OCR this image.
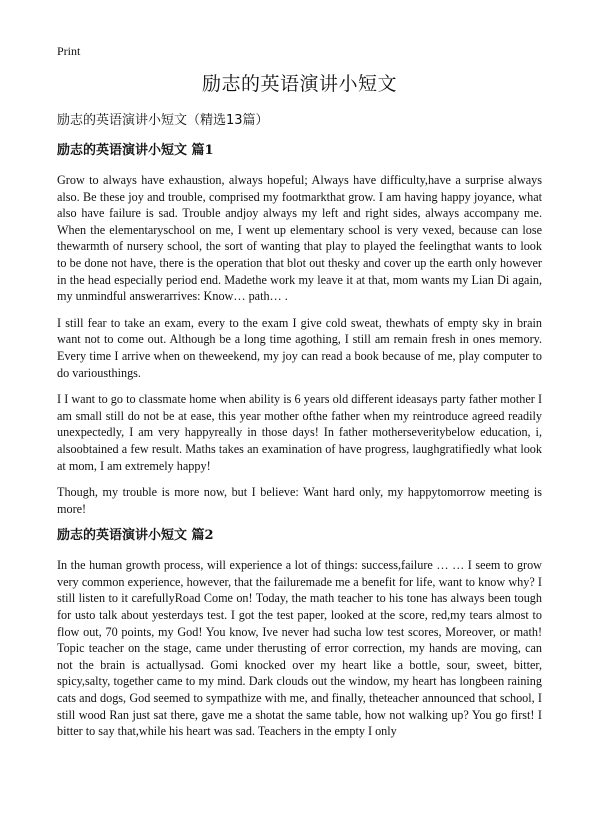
Print
励志的英语演讲小短文
励志的英语演讲小短文（精选13篇）
励志的英语演讲小短文 篇1

Grow to always have exhaustion, always hopeful; Always have difficulty,have a surprise always also. Be these joy and trouble, comprised my footmarkthat grow. I am having happy joyance, what also have failure is sad. Trouble andjoy always my left and right sides, always accompany me. When the elementaryschool on me, I went up elementary school is very vexed, because can lose thewarmth of nursery school, the sort of wanting that play to played the feelingthat wants to look to be done not have, there is the operation that blot out thesky and cover up the earth only however in the head especially period end. Madethe work my leave it at that, mom wants my Lian Di again, my unmindful answerarrives: Know… path… .

I still fear to take an exam, every to the exam I give cold sweat, thewhats of empty sky in brain want not to come out. Although be a long time agothing, I still am remain fresh in ones memory. Every time I arrive when on theweekend, my joy can read a book because of me, play computer to do variousthings.

I I want to go to classmate home when ability is 6 years old different ideasays party father mother I am small still do not be at ease, this year mother ofthe father when my reintroduce agreed readily unexpectedly, I am very happyreally in those days! In father motherseveritybelow education, i, alsoobtained a few result. Maths takes an examination of have progress, laughgratifiedly what look at mom, I am extremely happy!

Though, my trouble is more now, but I believe: Want hard only, my happytomorrow meeting is more!

励志的英语演讲小短文 篇2

In the human growth process, will experience a lot of things: success,failure … … I seem to grow very common experience, however, that the failuremade me a benefit for life, want to know why? I still listen to it carefullyRoad Come on! Today, the math teacher to his tone has always been tough for usto talk about yesterdays test. I got the test paper, looked at the score, red,my tears almost to flow out, 70 points, my God! You know, Ive never had sucha low test scores, Moreover, or math! Topic teacher on the stage, came under therusting of error correction, my hands are moving, can not the brain is actuallysad. Gomi knocked over my heart like a bottle, sour, sweet, bitter, spicy,salty, together came to my mind. Dark clouds out the window, my heart has longbeen raining cats and dogs, God seemed to sympathize with me, and finally, theteacher announced that school, I still wood Ran just sat there, gave me a shotat the same table, how not walking up? You go first! I bitter to say that,while his heart was sad. Teachers in the empty I only
